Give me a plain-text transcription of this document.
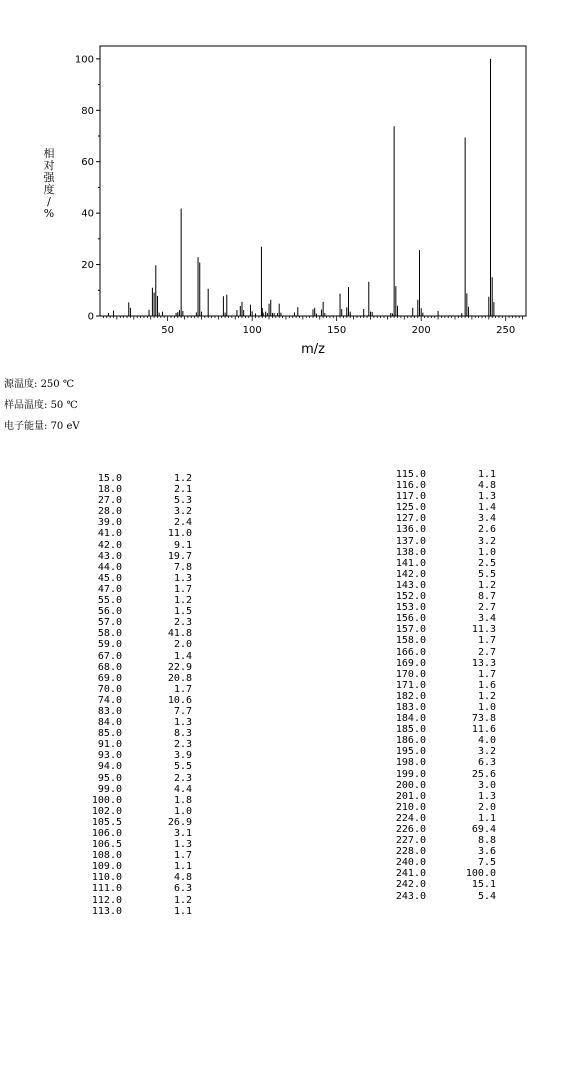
0
20
40
60
80
100
50	100	150	200	250
m/z
相对强度/ %
源温度: 250 ℃
样品温度: 50 ℃
电子能量: 70 eV
15.0	1.2
18.0	2.1
27.0	5.3
28.0	3.2
39.0	2.4
41.0	11.0
42.0	9.1
43.0	19.7
44.0	7.8
45.0	1.3
47.0	1.7
55.0	1.2
56.0	1.5
57.0	2.3
58.0	41.8
59.0	2.0
67.0	1.4
68.0	22.9
69.0	20.8
70.0	1.7
74.0	10.6
83.0	7.7
84.0	1.3
85.0	8.3
91.0	2.3
93.0	3.9
94.0	5.5
95.0	2.3
99.0	4.4
100.0	1.8
102.0	1.0
105.5	26.9
106.0	3.1
106.5	1.3
108.0	1.7
109.0	1.1
110.0	4.8
111.0	6.3
112.0	1.2
113.0	1.1
115.0	1.1
116.0	4.8
117.0	1.3
125.0	1.4
127.0	3.4
136.0	2.6
137.0	3.2
138.0	1.0
141.0	2.5
142.0	5.5
143.0	1.2
152.0	8.7
153.0	2.7
156.0	3.4
157.0	11.3
158.0	1.7
166.0	2.7
169.0	13.3
170.0	1.7
171.0	1.6
182.0	1.2
183.0	1.0
184.0	73.8
185.0	11.6
186.0	4.0
195.0	3.2
198.0	6.3
199.0	25.6
200.0	3.0
201.0	1.3
210.0	2.0
224.0	1.1
226.0	69.4
227.0	8.8
228.0	3.6
240.0	7.5
241.0	100.0
242.0	15.1
243.0	5.4
